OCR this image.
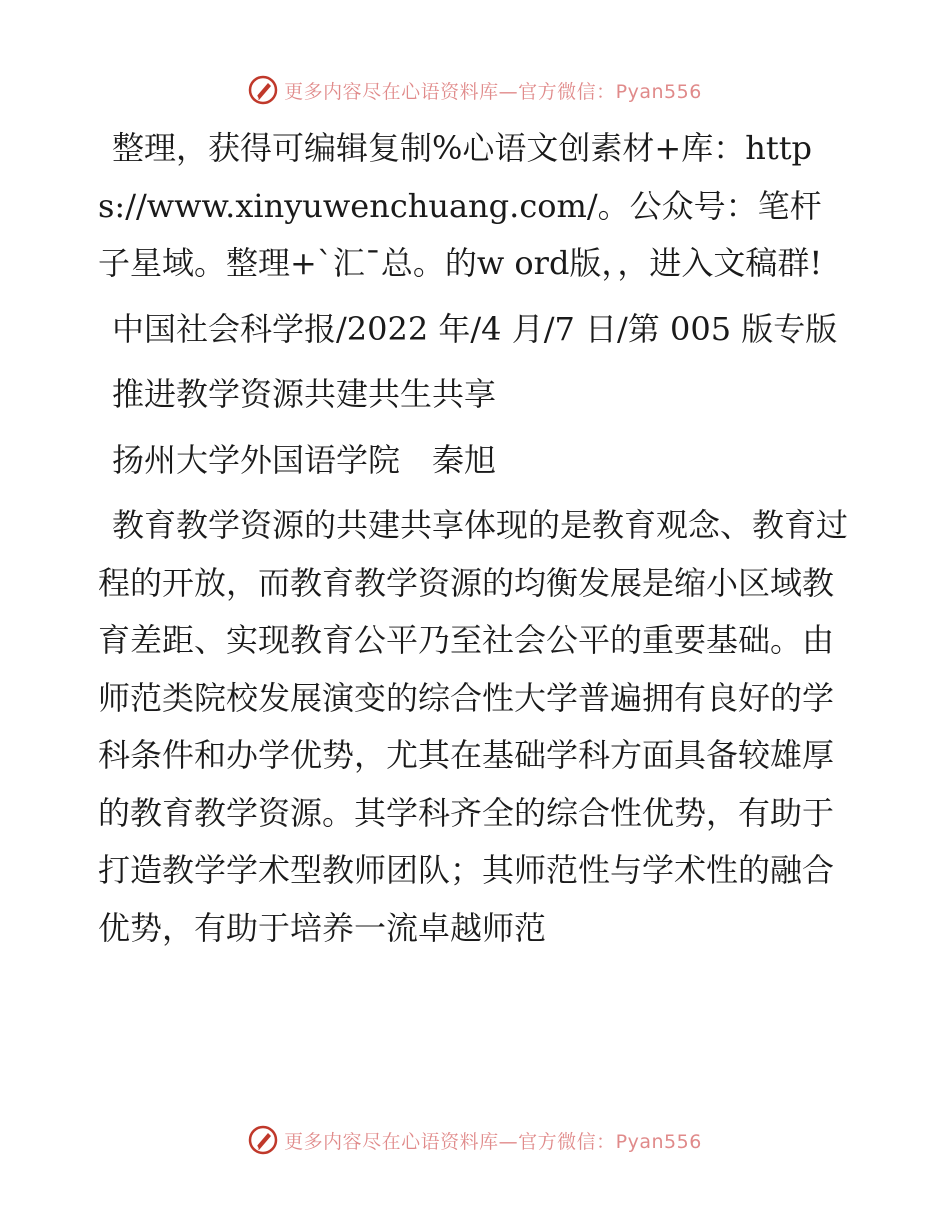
更多内容尽在心语资料库—官方微信：Pyan556

整理，获得可编辑复制%心语文创素材+库：https://www.xinyuwenchuang.com/。公众号：笔杆子星域。整理+`汇¯总。的w ord版，，进入文稿群!

中国社会科学报/2022 年/4 月/7 日/第 005 版专版

推进教学资源共建共生共享

扬州大学外国语学院　秦旭

教育教学资源的共建共享体现的是教育观念、教育过程的开放，而教育教学资源的均衡发展是缩小区域教育差距、实现教育公平乃至社会公平的重要基础。由师范类院校发展演变的综合性大学普遍拥有良好的学科条件和办学优势，尤其在基础学科方面具备较雄厚的教育教学资源。其学科齐全的综合性优势，有助于打造教学学术型教师团队；其师范性与学术性的融合优势，有助于培养一流卓越师范

更多内容尽在心语资料库—官方微信：Pyan556
